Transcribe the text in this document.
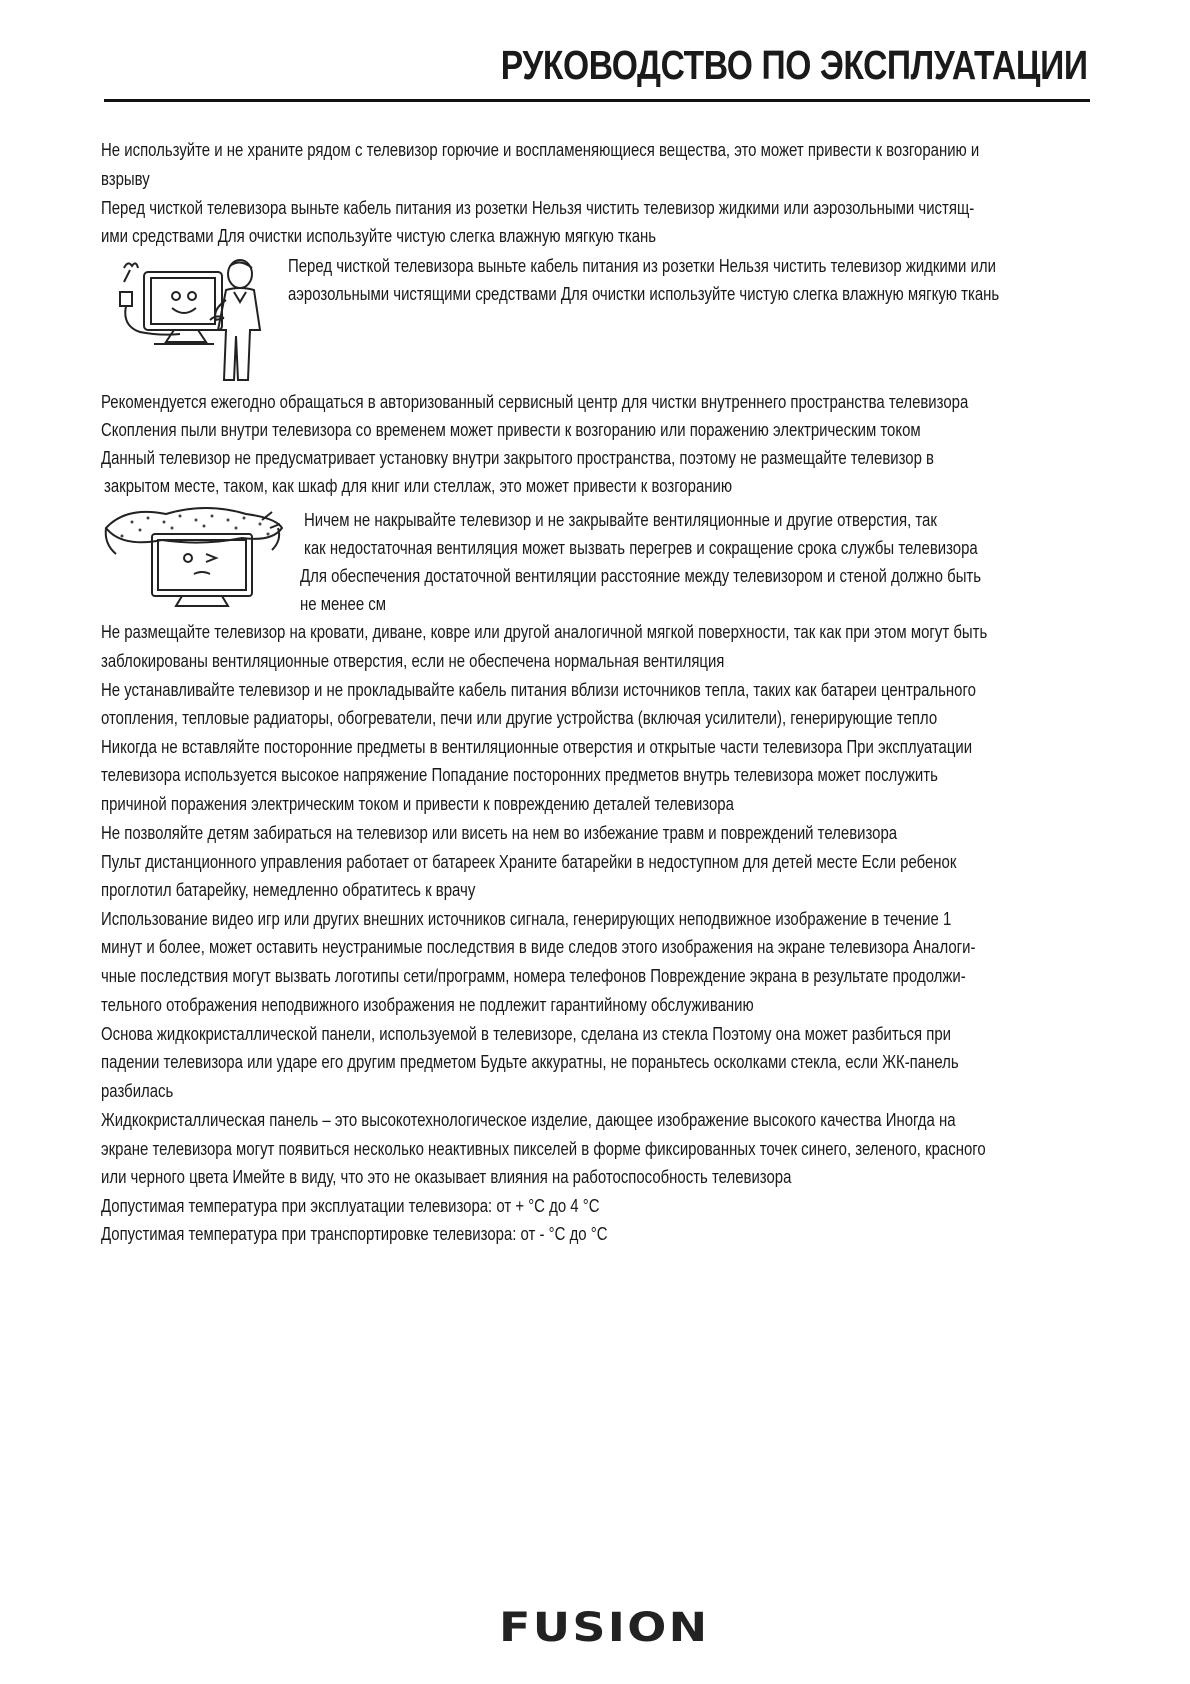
РУКОВОДСТВО ПО ЭКСПЛУАТАЦИИ
Не используйте и не храните рядом с телевизор горючие и воспламеняющиеся вещества, это может привести к возгоранию и
взрыву
Перед чисткой телевизора выньте кабель питания из розетки Нельзя чистить телевизор жидкими или аэрозольными чистящ-
ими средствами Для очистки используйте чистую слегка влажную мягкую ткань
Перед чисткой телевизора выньте кабель питания из розетки Нельзя чистить телевизор жидкими или
аэрозольными чистящими средствами Для очистки используйте чистую слегка влажную мягкую ткань
Рекомендуется ежегодно обращаться в авторизованный сервисный центр для чистки внутреннего пространства телевизора
Скопления пыли внутри телевизора со временем может привести к возгоранию или поражению электрическим током
Данный телевизор не предусматривает установку внутри закрытого пространства, поэтому не размещайте телевизор в
закрытом месте, таком, как шкаф для книг или стеллаж, это может привести к возгоранию
Ничем не накрывайте телевизор и не закрывайте вентиляционные и другие отверстия, так
как недостаточная вентиляция может вызвать перегрев и сокращение срока службы телевизора
Для обеспечения достаточной вентиляции расстояние между телевизором и стеной должно быть
не менее см
Не размещайте телевизор на кровати, диване, ковре или другой аналогичной мягкой поверхности, так как при этом могут быть
заблокированы вентиляционные отверстия, если не обеспечена нормальная вентиляция
Не устанавливайте телевизор и не прокладывайте кабель питания вблизи источников тепла, таких как батареи центрального
отопления, тепловые радиаторы, обогреватели, печи или другие устройства (включая усилители), генерирующие тепло
Никогда не вставляйте посторонние предметы в вентиляционные отверстия и открытые части телевизора При эксплуатации
телевизора используется высокое напряжение Попадание посторонних предметов внутрь телевизора может послужить
причиной поражения электрическим током и привести к повреждению деталей телевизора
Не позволяйте детям забираться на телевизор или висеть на нем во избежание травм и повреждений телевизора
Пульт дистанционного управления работает от батареек Храните батарейки в недоступном для детей месте Если ребенок
проглотил батарейку, немедленно обратитесь к врачу
Использование видео игр или других внешних источников сигнала, генерирующих неподвижное изображение в течение 1
минут и более, может оставить неустранимые последствия в виде следов этого изображения на экране телевизора Аналоги-
чные последствия могут вызвать логотипы сети/программ, номера телефонов Повреждение экрана в результате продолжи-
тельного отображения неподвижного изображения не подлежит гарантийному обслуживанию
Основа жидкокристаллической панели, используемой в телевизоре, сделана из стекла Поэтому она может разбиться при
падении телевизора или ударе его другим предметом Будьте аккуратны, не пораньтесь осколками стекла, если ЖК-панель
разбилась
Жидкокристаллическая панель – это высокотехнологическое изделие, дающее изображение высокого качества Иногда на
экране телевизора могут появиться несколько неактивных пикселей в форме фиксированных точек синего, зеленого, красного
или черного цвета Имейте в виду, что это не оказывает влияния на работоспособность телевизора
Допустимая температура при эксплуатации телевизора: от + °C до 4 °C
Допустимая температура при транспортировке телевизора: от - °C до °C
FUSION
